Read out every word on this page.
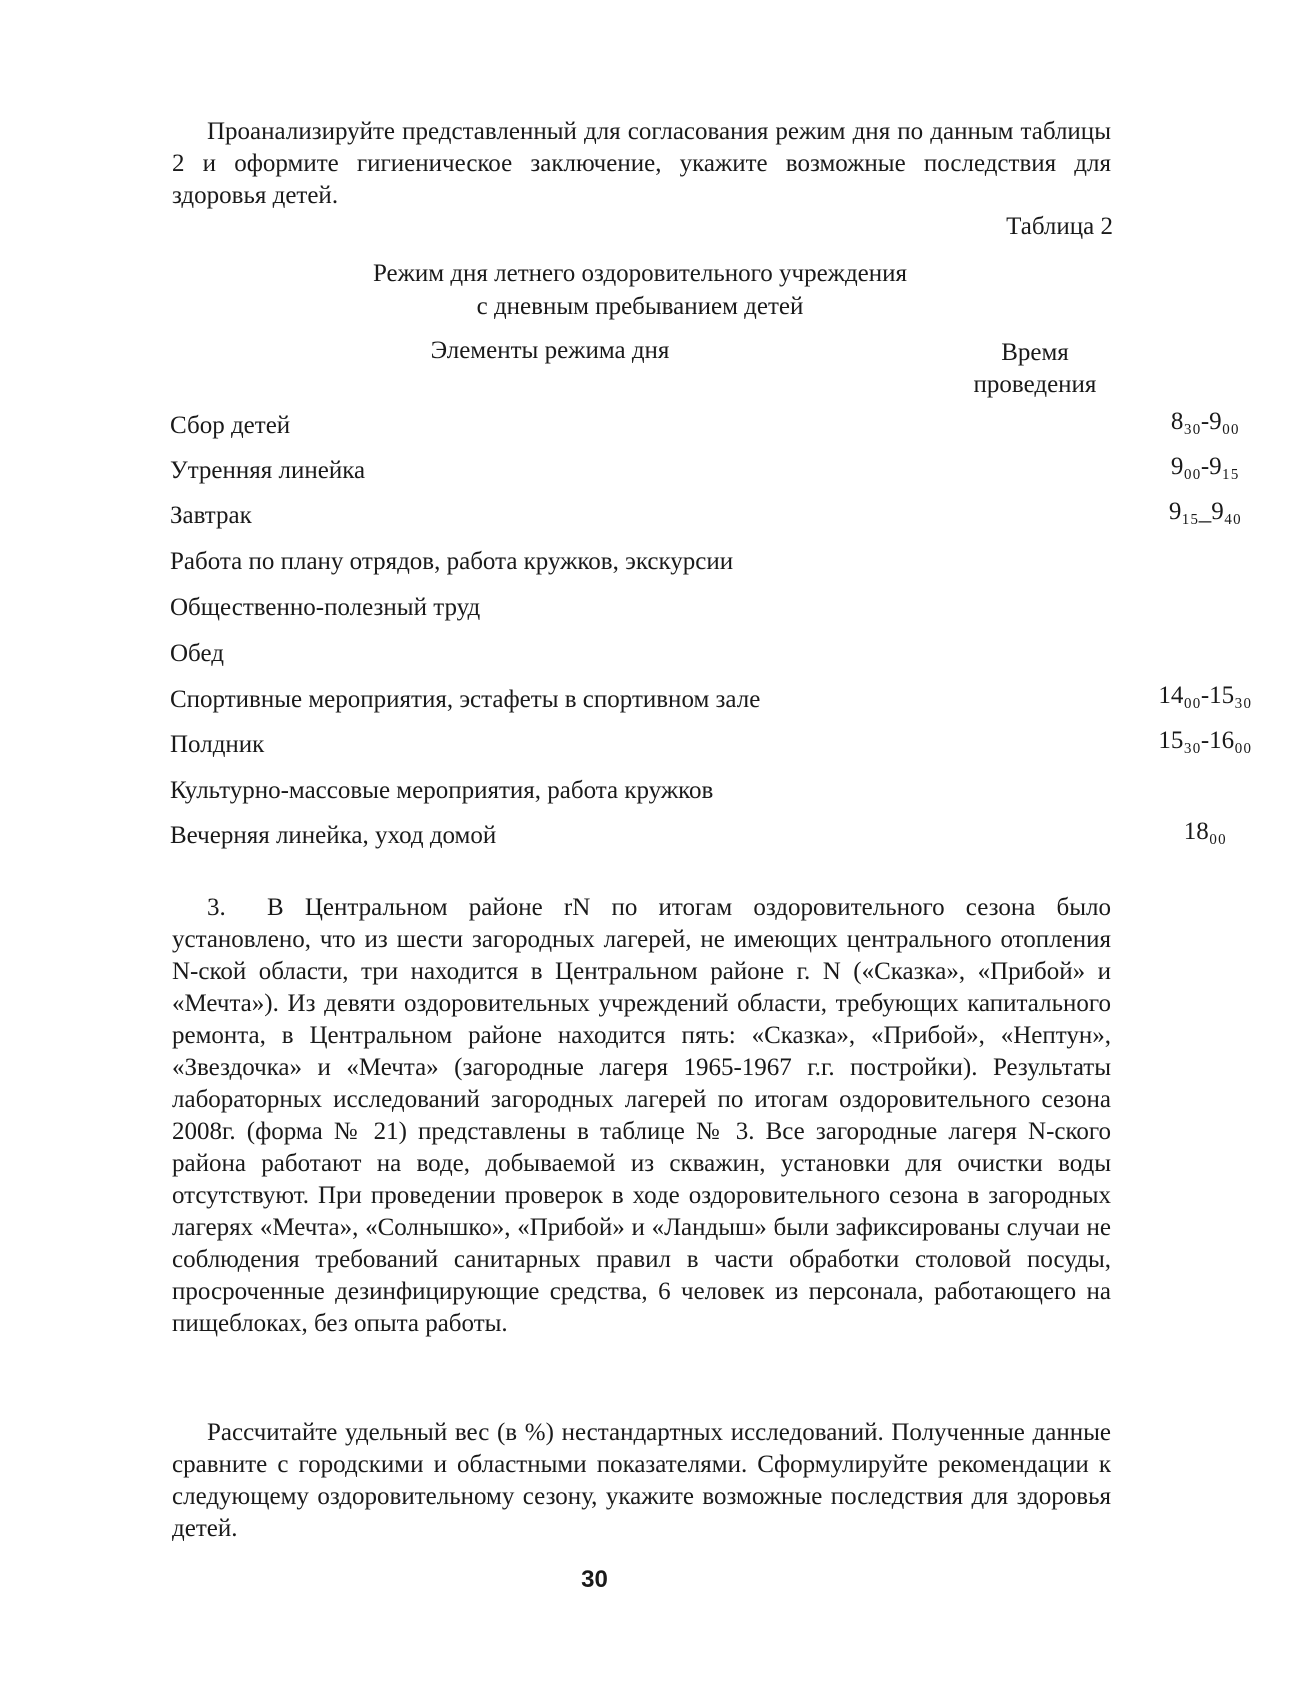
Проанализируйте представленный для согласования режим дня по данным таблицы 2 и оформите гигиеническое заключение, укажите возможные последствия для здоровья детей.

Таблица 2
Режим дня летнего оздоровительного учреждения
с дневным пребыванием детей
Элементы режима дня	Время
проведения
Сбор детей	8₃₀-9₀₀
Утренняя линейка	9₀₀-9₁₅
Завтрак	9₁₅_9₄₀
Работа по плану отрядов, работа кружков, экскурсии
Общественно-полезный труд
Обед
Спортивные мероприятия, эстафеты в спортивном зале	14₀₀-15₃₀
Полдник	15₃₀-16₀₀
Культурно-массовые мероприятия, работа кружков
Вечерняя линейка, уход домой	18₀₀

3. В Центральном районе rN по итогам оздоровительного сезона было установлено, что из шести загородных лагерей, не имеющих центрального отопления N-ской области, три находится в Центральном районе г. N («Сказка», «Прибой» и «Мечта»). Из девяти оздоровительных учреждений области, требующих капитального ремонта, в Центральном районе находится пять: «Сказка», «Прибой», «Нептун», «Звездочка» и «Мечта» (загородные лагеря 1965-1967 г.г. постройки). Результаты лабораторных исследований загородных лагерей по итогам оздоровительного сезона 2008г. (форма № 21) представлены в таблице № 3. Все загородные лагеря N-ского района работают на воде, добываемой из скважин, установки для очистки воды отсутствуют. При проведении проверок в ходе оздоровительного сезона в загородных лагерях «Мечта», «Солнышко», «Прибой» и «Ландыш» были зафиксированы случаи не соблюдения требований санитарных правил в части обработки столовой посуды, просроченные дезинфицирующие средства, 6 человек из персонала, работающего на пищеблоках, без опыта работы.

Рассчитайте удельный вес (в %) нестандартных исследований. Полученные данные сравните с городскими и областными показателями. Сформулируйте рекомендации к следующему оздоровительному сезону, укажите возможные последствия для здоровья детей.

30
